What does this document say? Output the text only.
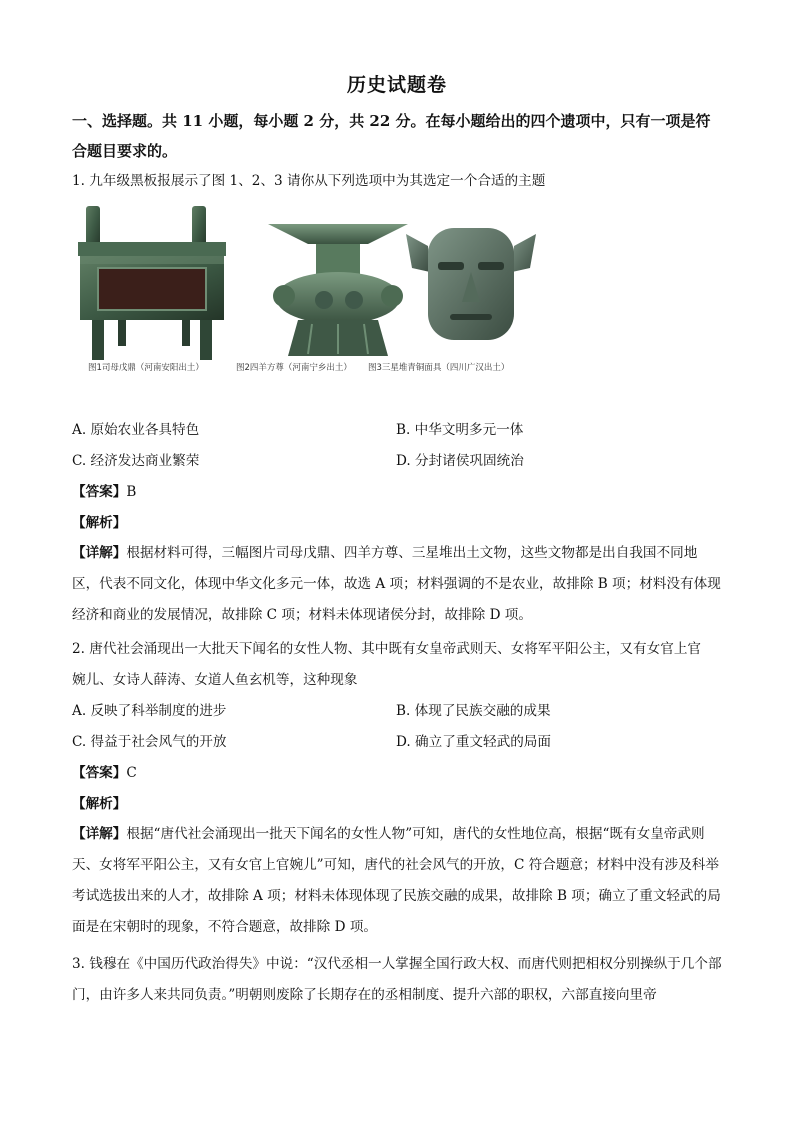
历史试题卷
一、选择题。共 11 小题，每小题 2 分，共 22 分。在每小题给出的四个遗项中，只有一项是符合题目要求的。
1. 九年级黑板报展示了图 1、2、3 请你从下列选项中为其选定一个合适的主题
图1司母戊鼎（河南安阳出土）	图2四羊方尊（河南宁乡出土） 图3三星堆青铜面具（四川广汉出土）
A. 原始农业各具特色	B. 中华文明多元一体
C. 经济发达商业繁荣	D. 分封诸侯巩固统治
【答案】B
【解析】
【详解】根据材料可得，三幅图片司母戊鼎、四羊方尊、三星堆出土文物，这些文物都是出自我国不同地区，代表不同文化，体现中华文化多元一体，故选 A 项；材料强调的不是农业，故排除 B 项；材料没有体现经济和商业的发展情况，故排除 C 项；材料未体现诸侯分封，故排除 D 项。
2. 唐代社会涌现出一大批天下闻名的女性人物、其中既有女皇帝武则天、女将军平阳公主，又有女官上官
婉儿、女诗人薛涛、女道人鱼玄机等，这种现象
A. 反映了科举制度的进步	B. 体现了民族交融的成果
C. 得益于社会风气的开放	D. 确立了重文轻武的局面
【答案】C
【解析】
【详解】根据“唐代社会涌现出一批天下闻名的女性人物”可知，唐代的女性地位高，根据“既有女皇帝武则天、女将军平阳公主，又有女官上官婉儿”可知，唐代的社会风气的开放，C 符合题意；材料中没有涉及科举考试选拔出来的人才，故排除 A 项；材料未体现体现了民族交融的成果，故排除 B 项；确立了重文轻武的局面是在宋朝时的现象，不符合题意，故排除 D 项。
3. 钱穆在《中国历代政治得失》中说：“汉代丞相一人掌握全国行政大权、而唐代则把相权分别操纵于几个部门，由许多人来共同负责。”明朝则废除了长期存在的丞相制度、提升六部的职权，六部直接向里帝
